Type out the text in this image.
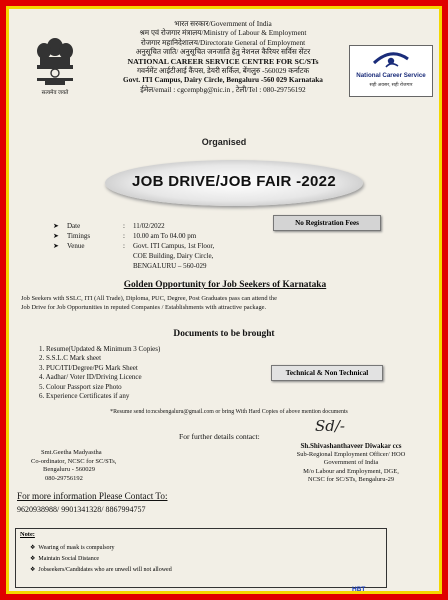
सत्यमेव जयते
भारत सरकार/Government of India
श्रम एवं रोजगार मंत्रालय/Ministry of Labour & Employment
रोजगार महानिदेशालय/Directorate General of Employment
अनुसूचित जाति/ अनुसूचित जनजाति हेतु नेशनल कैरियर सर्विस सेंटर
NATIONAL CAREER SERVICE CENTRE FOR SC/STs
गवर्नमेंट आईटीआई कैंपस, डेयरी सर्किल, बेंगलुरु -560029 कर्नाटक
Govt. ITI Campus, Dairy Circle, Bengaluru -560 029 Karnataka
ईमेल/email : cgcempbg@nic.in , टेली/Tel : 080-29756192
National Career Service
सही अवसर, सही रोजगार
Organised
JOB DRIVE/JOB FAIR -2022
➤ Date	: 11/02/2022
➤ Timings	: 10.00 am To 04.00 pm
➤ Venue	: Govt. ITI Campus, 1st Floor,
COE Building, Dairy Circle,
BENGALURU – 560-029
No Registration Fees
Golden Opportunity for Job Seekers of Karnataka
Job Seekers with SSLC, ITI (All Trade), Diploma, PUC, Degree, Post Graduates pass can attend the
Job Drive for Job Opportunities in reputed Companies / Establishments with attractive package.
Documents to be brought
1. Resume(Updated & Minimum 3 Copies)
2. S.S.L.C Mark sheet
3. PUC/ITI/Degree/PG Mark Sheet
4. Aadhar/ Voter ID/Driving Licence
5. Colour Passport size Photo
6. Experience Certificates if any
Technical & Non Technical
*Resume send to:ncsbengaluru@gmail.com or bring With Hard Copies of above mention documents
For further details contact:
Sd/-
Smt.Geetha Madyastha
Co-ordinator, NCSC for SC/STs,
Bengaluru - 560029
080-29756192
Sh.Shivashanthaveer Diwakar ccs
Sub-Regional Employment Officer/ HOO
Government of India
M/o Labour and Employment, DGE,
NCSC for SC/STs, Bengaluru-29
For more information Please Contact To:
9620938988/ 9901341328/ 8867994757
Note:
❖ Wearing of mask is compulsory
❖ Maintain Social Distance
❖ Jobseekers/Candidates who are unwell will not allowed
HBT
